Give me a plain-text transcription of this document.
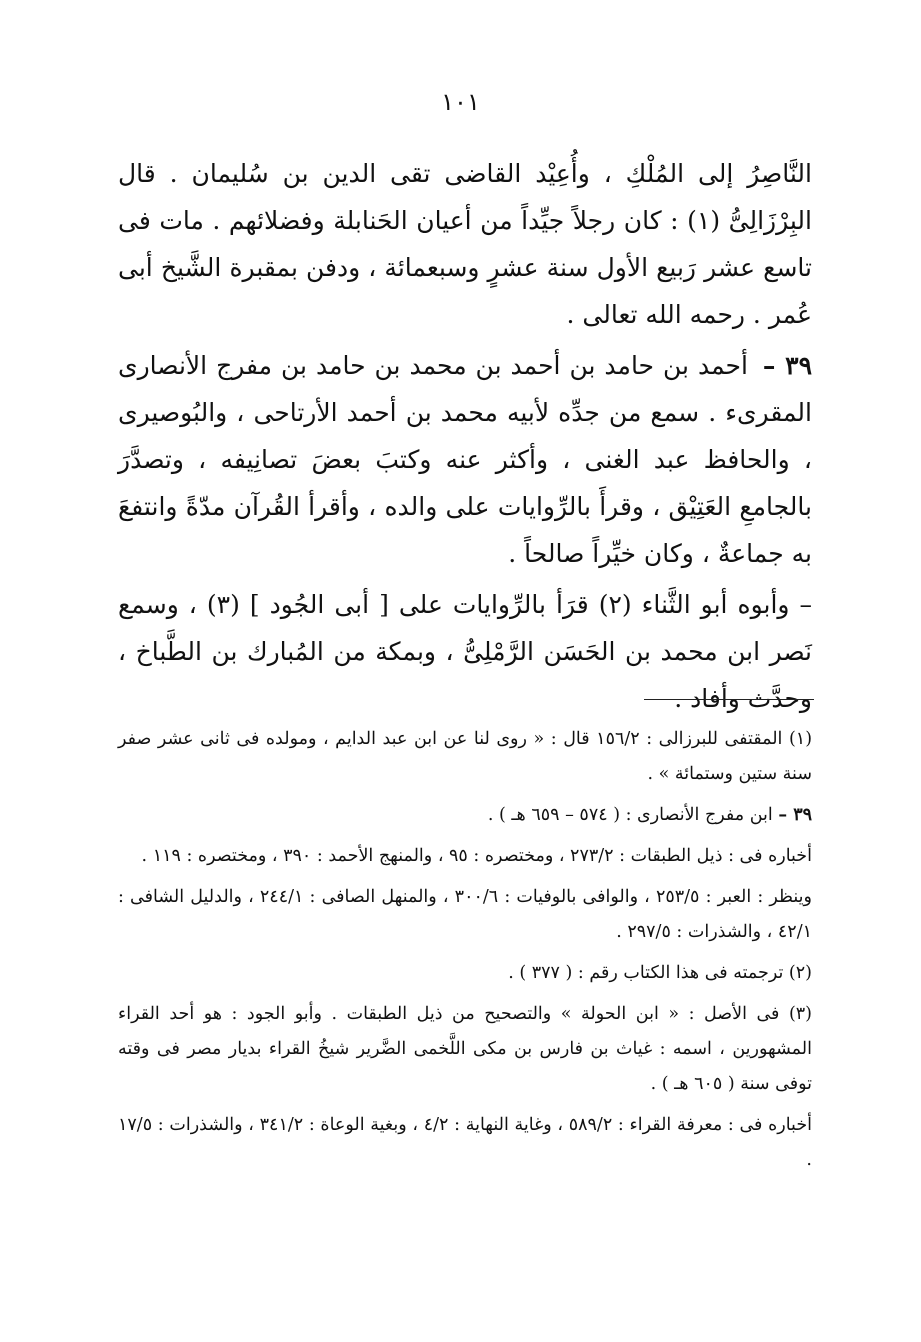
١٠١

النَّاصِرُ إلى المُلْكِ ، وأُعِيْد القاضى تقى الدين بن سُليمان . قال البِرْزَالِىُّ (١) : كان رجلاً جيِّداً من أعيان الحَنابلة وفضلائهم . مات فى تاسع عشر رَبيع الأول سنة عشرٍ وسبعمائة ، ودفن بمقبرة الشَّيخ أبى عُمر . رحمه الله تعالى .

٣٩ – أحمد بن حامد بن أحمد بن محمد بن حامد بن مفرج الأنصارى المقرىء . سمع من جدِّه لأبيه محمد بن أحمد الأرتاحى ، والبُوصيرى ، والحافظ عبد الغنى ، وأكثر عنه وكتبَ بعضَ تصانِيفه ، وتصدَّرَ بالجامعِ العَتِيْق ، وقرأَ بالرِّوايات على والده ، وأقرأ القُرآن مدّةً وانتفعَ به جماعةٌ ، وكان خيِّراً صالحاً .

– وأبوه أبو الثَّناء (٢) قرَأ بالرِّوايات على [ أبى الجُود ] (٣) ، وسمع نَصر ابن محمد بن الحَسَن الرَّمْلِىُّ ، وبمكة من المُبارك بن الطَّباخ ، وحدَّث وأفاد .

(١) المقتفى للبرزالى : ١٥٦/٢ قال : « روى لنا عن ابن عبد الدايم ، ومولده فى ثانى عشر صفر سنة ستين وستمائة » .

٣٩ – ابن مفرج الأنصارى : ( ٥٧٤ – ٦٥٩ هـ ) .

أخباره فى : ذيل الطبقات : ٢٧٣/٢ ، ومختصره : ٩٥ ، والمنهج الأحمد : ٣٩٠ ، ومختصره : ١١٩ .

وينظر : العبر : ٢٥٣/٥ ، والوافى بالوفيات : ٣٠٠/٦ ، والمنهل الصافى : ٢٤٤/١ ، والدليل الشافى : ٤٢/١ ، والشذرات : ٢٩٧/٥ .

(٢) ترجمته فى هذا الكتاب رقم : ( ٣٧٧ ) .

(٣) فى الأصل : « ابن الحولة » والتصحيح من ذيل الطبقات . وأبو الجود : هو أحد القراء المشهورين ، اسمه : غياث بن فارس بن مكى اللَّخمى الضَّرير شيخُ القراء بديار مصر فى وقته توفى سنة ( ٦٠٥ هـ ) .

أخباره فى : معرفة القراء : ٥٨٩/٢ ، وغاية النهاية : ٤/٢ ، وبغية الوعاة : ٣٤١/٢ ، والشذرات : ١٧/٥ .
